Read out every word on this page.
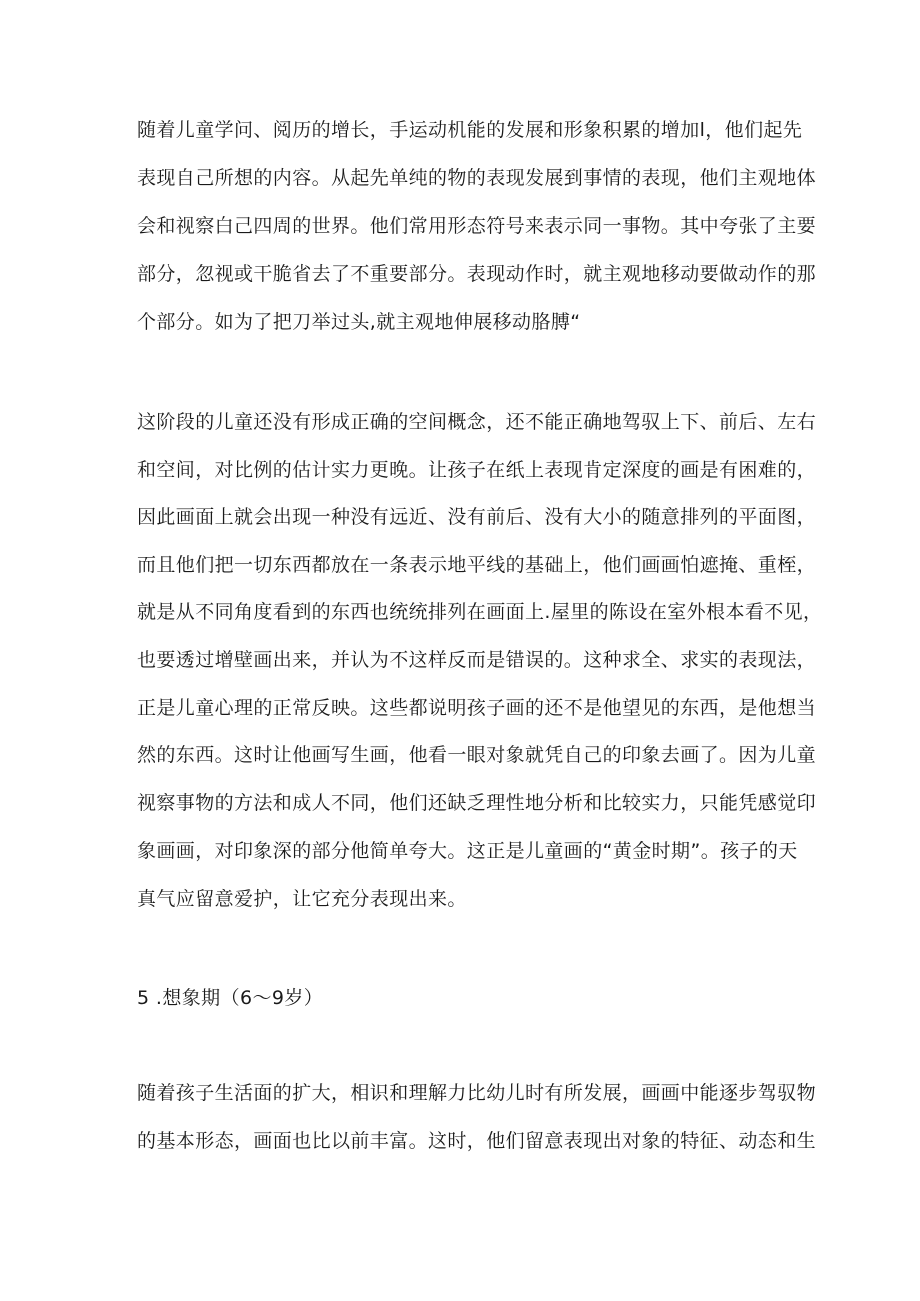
随着儿童学问、阅历的增长，手运动机能的发展和形象积累的增加l，他们起先

表现自己所想的内容。从起先单纯的物的表现发展到事情的表现，他们主观地体

会和视察白己四周的世界。他们常用形态符号来表示同一事物。其中夸张了主要

部分，忽视或干脆省去了不重要部分。表现动作时，就主观地移动要做动作的那

个部分。如为了把刀举过头,就主观地伸展移动胳膊“

这阶段的儿童还没有形成正确的空间概念，还不能正确地驾驭上下、前后、左右

和空间，对比例的估计实力更晚。让孩子在纸上表现肯定深度的画是有困难的，

因此画面上就会出现一种没有远近、没有前后、没有大小的随意排列的平面图，

而且他们把一切东西都放在一条表示地平线的基础上，他们画画怕遮掩、重桎，

就是从不同角度看到的东西也统统排列在画面上.屋里的陈设在室外根本看不见，

也要透过增壁画出来，并认为不这样反而是错误的。这种求全、求实的表现法，

正是儿童心理的正常反映。这些都说明孩子画的还不是他望见的东西，是他想当

然的东西。这时让他画写生画，他看一眼对象就凭自己的印象去画了。因为儿童

视察事物的方法和成人不同，他们还缺乏理性地分析和比较实力，只能凭感觉印

象画画，对印象深的部分他简单夸大。这正是儿童画的“黄金时期”。孩子的天

真气应留意爱护，让它充分表现出来。

5 .想象期（6～9岁）

随着孩子生活面的扩大，相识和理解力比幼儿时有所发展，画画中能逐步驾驭物

的基本形态，画面也比以前丰富。这时，他们留意表现出对象的特征、动态和生
